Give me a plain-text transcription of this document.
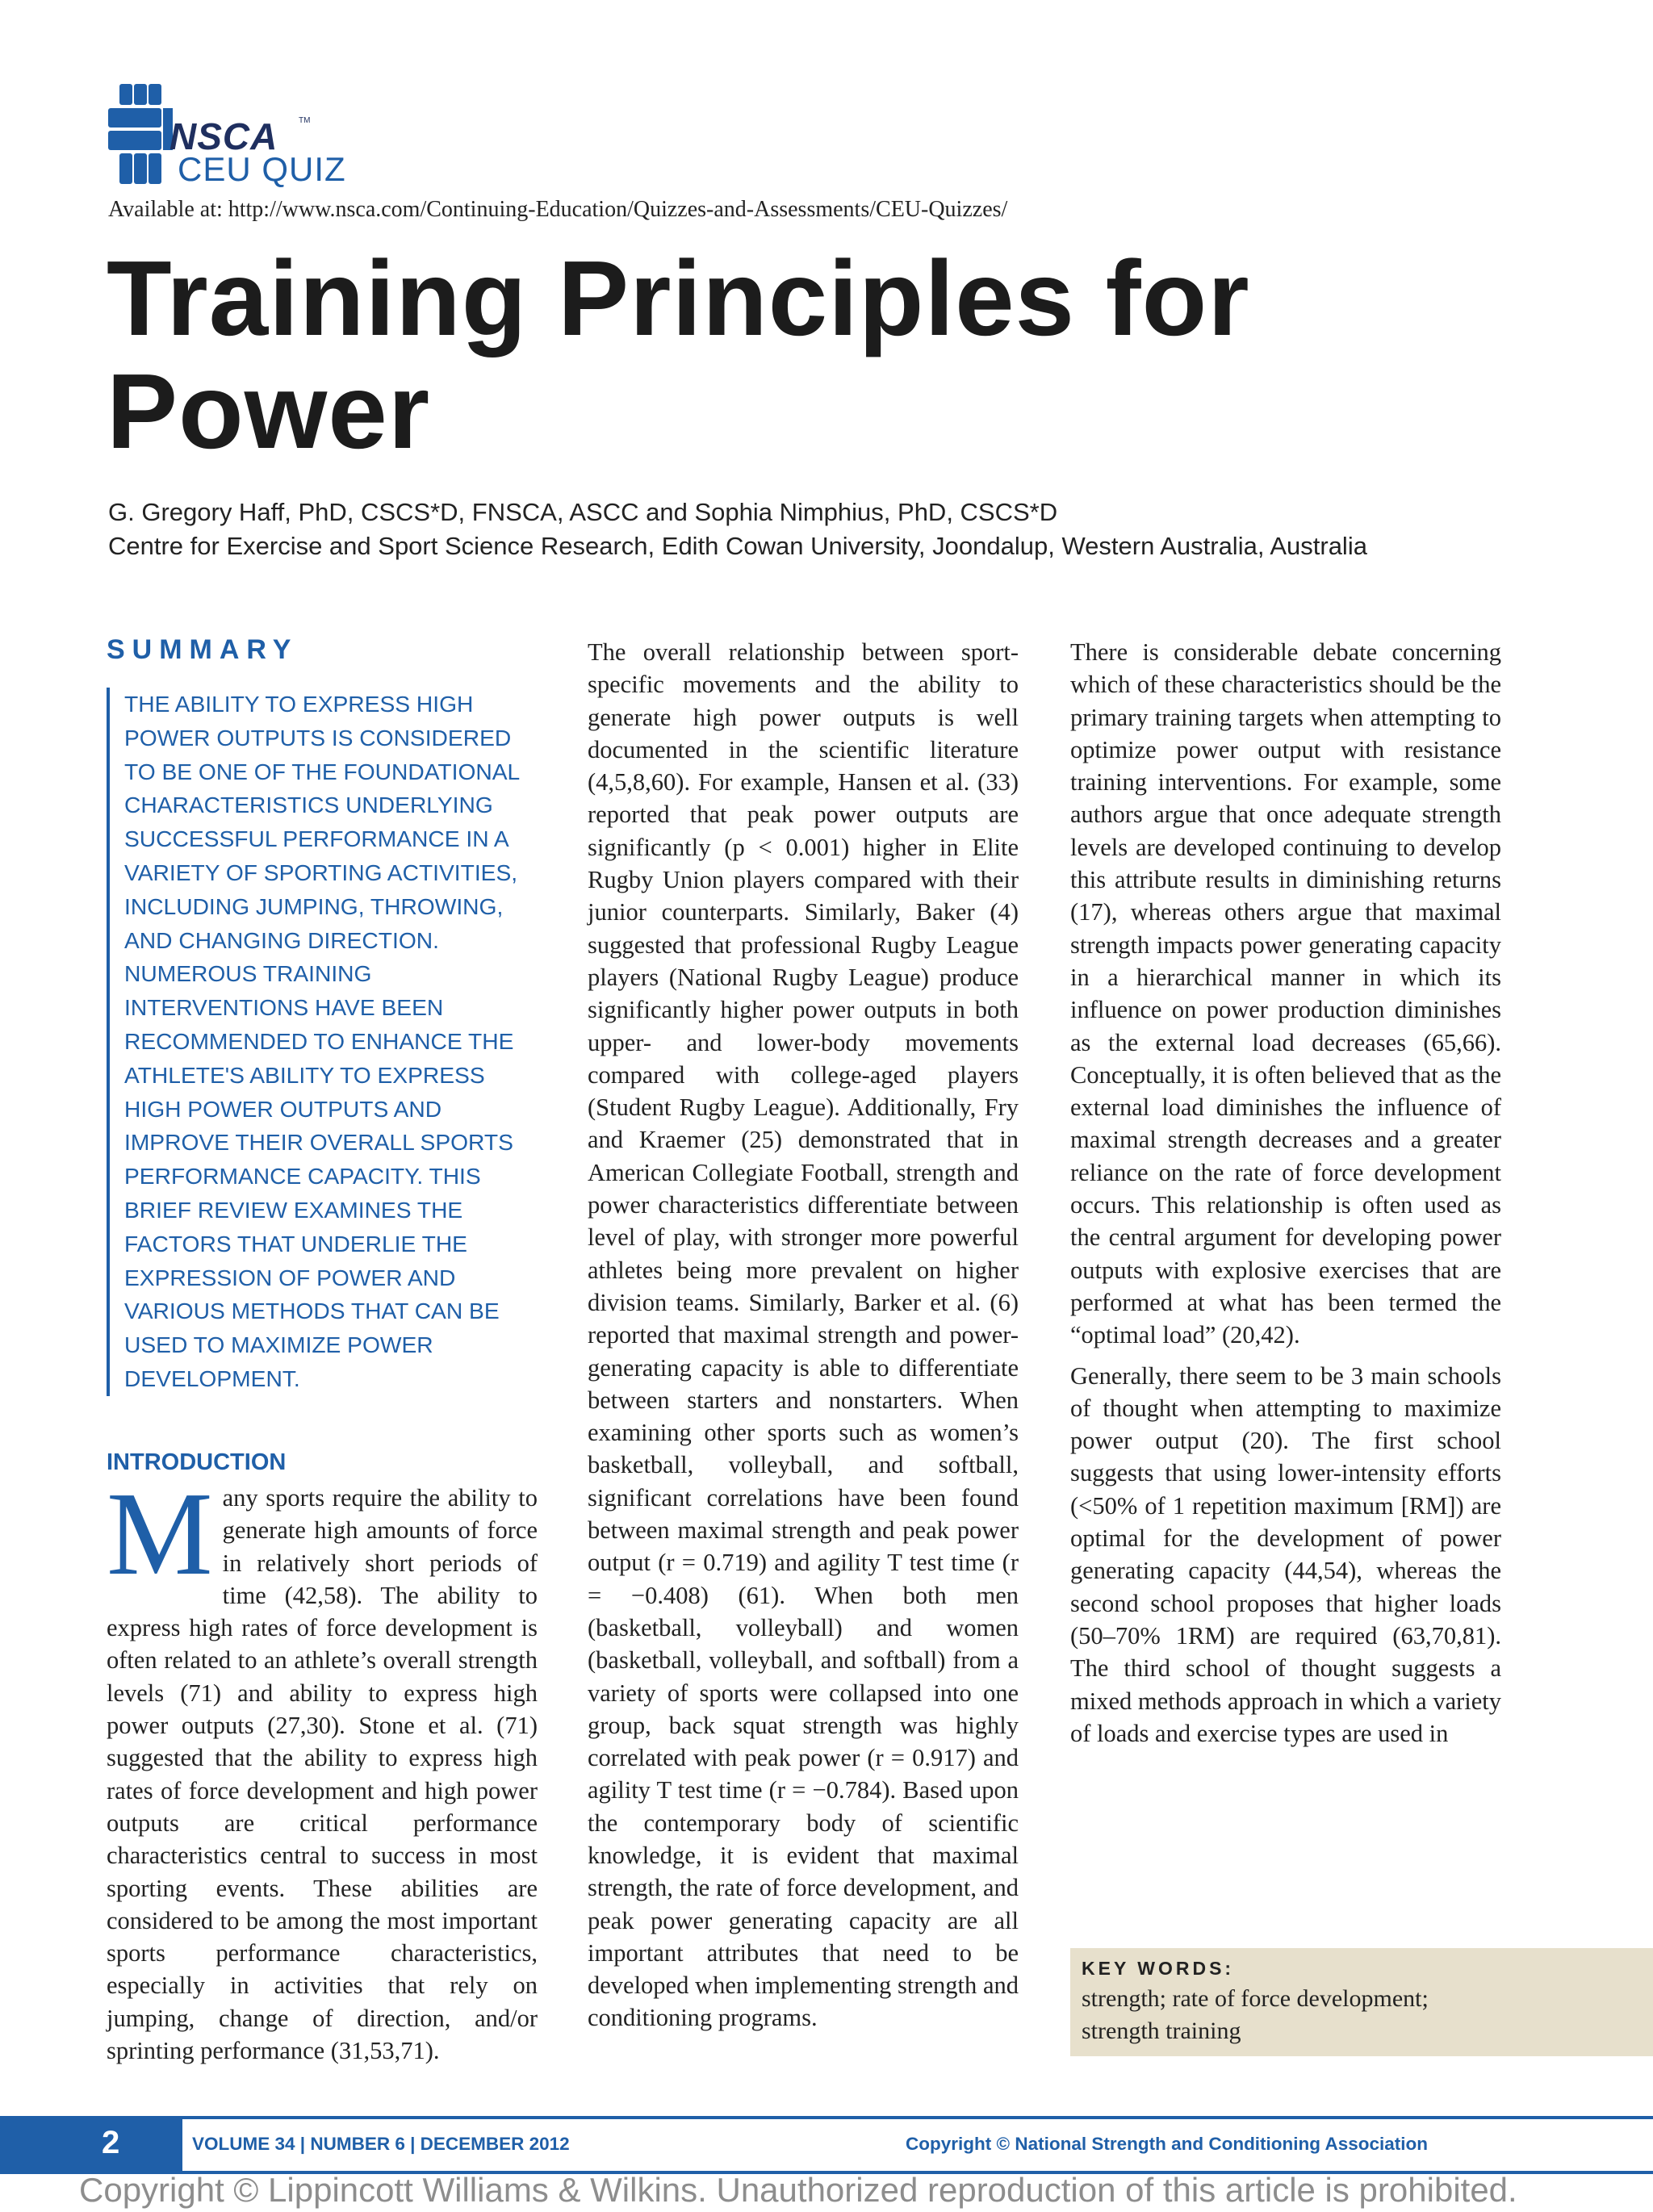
NSCA	TM
CEU QUIZ
Available at: http://www.nsca.com/Continuing-Education/Quizzes-and-Assessments/CEU-Quizzes/
Training Principles for
Power
G. Gregory Haff, PhD, CSCS*D, FNSCA, ASCC and Sophia Nimphius, PhD, CSCS*D
Centre for Exercise and Sport Science Research, Edith Cowan University, Joondalup, Western Australia, Australia
SUMMARY
THE ABILITY TO EXPRESS HIGH POWER OUTPUTS IS CONSIDERED TO BE ONE OF THE FOUNDATIONAL CHARACTERISTICS UNDERLYING SUCCESSFUL PERFORMANCE IN A VARIETY OF SPORTING ACTIVITIES, INCLUDING JUMPING, THROWING, AND CHANGING DIRECTION. NUMEROUS TRAINING INTERVENTIONS HAVE BEEN RECOMMENDED TO ENHANCE THE ATHLETE'S ABILITY TO EXPRESS HIGH POWER OUTPUTS AND IMPROVE THEIR OVERALL SPORTS PERFORMANCE CAPACITY. THIS BRIEF REVIEW EXAMINES THE FACTORS THAT UNDERLIE THE EXPRESSION OF POWER AND VARIOUS METHODS THAT CAN BE USED TO MAXIMIZE POWER DEVELOPMENT.
INTRODUCTION
Many sports require the ability to generate high amounts of force in relatively short periods of time (42,58). The ability to express high rates of force development is often related to an athlete’s overall strength levels (71) and ability to express high power outputs (27,30). Stone et al. (71) suggested that the ability to express high rates of force development and high power outputs are critical performance characteristics central to success in most sporting events. These abilities are considered to be among the most important sports performance characteristics, especially in activities that rely on jumping, change of direction, and/or sprinting performance (31,53,71).

The overall relationship between sport-specific movements and the ability to generate high power outputs is well documented in the scientific literature (4,5,8,60). For example, Hansen et al. (33) reported that peak power outputs are significantly (p < 0.001) higher in Elite Rugby Union players compared with their junior counterparts. Similarly, Baker (4) suggested that professional Rugby League players (National Rugby League) produce significantly higher power outputs in both upper- and lower-body movements compared with college-aged players (Student Rugby League). Additionally, Fry and Kraemer (25) demonstrated that in American Collegiate Football, strength and power characteristics differentiate between level of play, with stronger more powerful athletes being more prevalent on higher division teams. Similarly, Barker et al. (6) reported that maximal strength and power-generating capacity is able to differentiate between starters and nonstarters. When examining other sports such as women’s basketball, volleyball, and softball, significant correlations have been found between maximal strength and peak power output (r = 0.719) and agility T test time (r = −0.408) (61). When both men (basketball, volleyball) and women (basketball, volleyball, and softball) from a variety of sports were collapsed into one group, back squat strength was highly correlated with peak power (r = 0.917) and agility T test time (r = −0.784). Based upon the contemporary body of scientific knowledge, it is evident that maximal strength, the rate of force development, and peak power generating capacity are all important attributes that need to be developed when implementing strength and conditioning programs.

There is considerable debate concerning which of these characteristics should be the primary training targets when attempting to optimize power output with resistance training interventions. For example, some authors argue that once adequate strength levels are developed continuing to develop this attribute results in diminishing returns (17), whereas others argue that maximal strength impacts power generating capacity in a hierarchical manner in which its influence on power production diminishes as the external load decreases (65,66). Conceptually, it is often believed that as the external load diminishes the influence of maximal strength decreases and a greater reliance on the rate of force development occurs. This relationship is often used as the central argument for developing power outputs with explosive exercises that are performed at what has been termed the “optimal load” (20,42).

Generally, there seem to be 3 main schools of thought when attempting to maximize power output (20). The first school suggests that using lower-intensity efforts (<50% of 1 repetition maximum [RM]) are optimal for the development of power generating capacity (44,54), whereas the second school proposes that higher loads (50–70% 1RM) are required (63,70,81). The third school of thought suggests a mixed methods approach in which a variety of loads and exercise types are used in

KEY WORDS:
strength; rate of force development;
strength training
2	VOLUME 34 | NUMBER 6 | DECEMBER 2012	Copyright © National Strength and Conditioning Association
Copyright © Lippincott Williams & Wilkins. Unauthorized reproduction of this article is prohibited.
